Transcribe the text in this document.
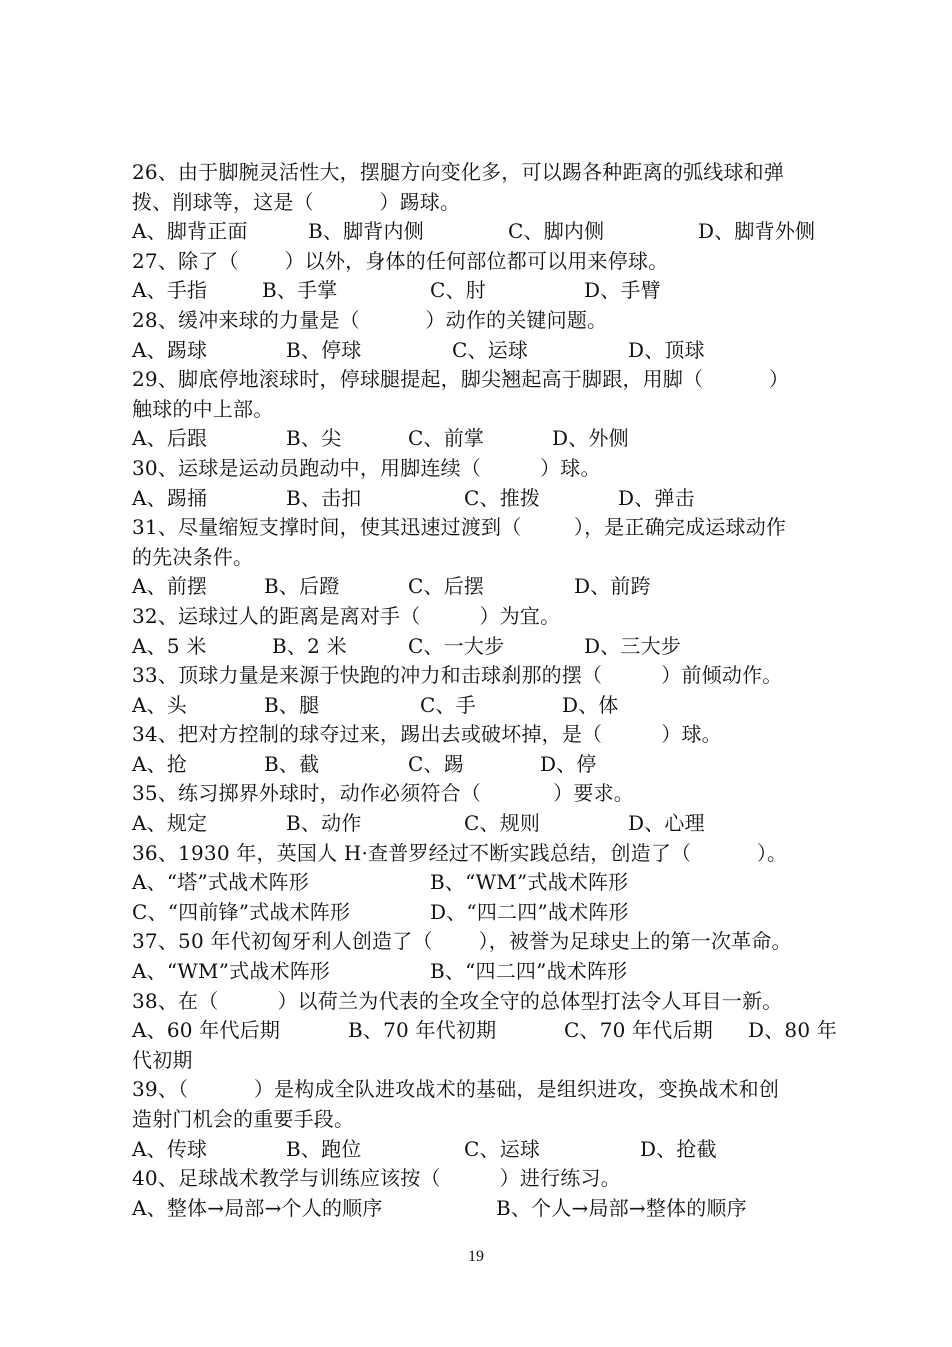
26、由于脚腕灵活性大，摆腿方向变化多，可以踢各种距离的弧线球和弹
拨、削球等，这是（          ）踢球。

A、脚背正面

	B、脚背内侧

	C、脚内侧

	D、脚背外侧

27、除了（       ）以外，身体的任何部位都可以用来停球。

A、手指

	B、手掌

	C、肘

	D、手臂

28、缓冲来球的力量是（          ）动作的关键问题。

A、踢球

	B、停球

	C、运球

	D、顶球

29、脚底停地滚球时，停球腿提起，脚尖翘起高于脚跟，用脚（          ）
触球的中上部。

A、后跟

	B、尖

	C、前掌

	D、外侧

30、运球是运动员跑动中，用脚连续（         ）球。

A、踢捅

	B、击扣

	C、推拨

	D、弹击

31、尽量缩短支撑时间，使其迅速过渡到（        ），是正确完成运球动作
的先决条件。

A、前摆

	B、后蹬

	C、后摆

	D、前跨

32、运球过人的距离是离对手（         ）为宜。

A、5 米

	B、2 米

	C、一大步

	D、三大步

33、顶球力量是来源于快跑的冲力和击球刹那的摆（         ）前倾动作。

A、头

	B、腿

	C、手

	D、体

34、把对方控制的球夺过来，踢出去或破坏掉，是（         ）球。

A、抢

	B、截

	C、踢

	D、停

35、练习掷界外球时，动作必须符合（           ）要求。

A、规定

	B、动作

	C、规则

	D、心理

36、1930 年，英国人 H·查普罗经过不断实践总结，创造了（          ）。

A、“塔”式战术阵形

	B、“WM”式战术阵形

C、“四前锋”式战术阵形

	D、“四二四”战术阵形

37、50 年代初匈牙利人创造了（       ），被誉为足球史上的第一次革命。

A、“WM”式战术阵形

	B、“四二四”战术阵形

38、在（         ）以荷兰为代表的全攻全守的总体型打法令人耳目一新。

A、60 年代后期

	B、70 年代初期

	C、70 年代后期

D、80 年

代初期
39、（          ）是构成全队进攻战术的基础，是组织进攻，变换战术和创
造射门机会的重要手段。

A、传球

	B、跑位

	C、运球

	D、抢截

40、足球战术教学与训练应该按（         ）进行练习。

A、整体→局部→个人的顺序

	B、个人→局部→整体的顺序

19
